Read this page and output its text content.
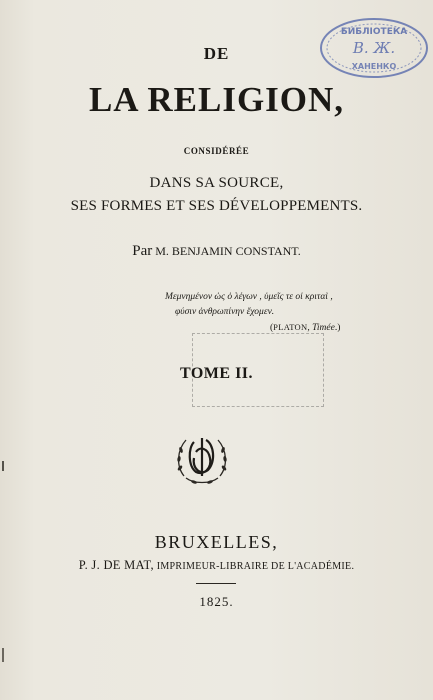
БИБЛІОТЕКА
В. Ж.
ХАНЕНКО
DE
LA RELIGION,
CONSIDÉRÉE
DANS SA SOURCE,
SES FORMES ET SES DÉVELOPPEMENTS.
Par M. BENJAMIN CONSTANT.
Μεμνημένον ὡς ὁ λέγων , ὑμεῖς τε οἱ κριταὶ ,
φύσιν ἀνθρωπίνην ἔχομεν.
(PLATON, Timée.)
TOME II.
BRUXELLES,
P. J. DE MAT, IMPRIMEUR-LIBRAIRE DE L'ACADÉMIE.
1825.
